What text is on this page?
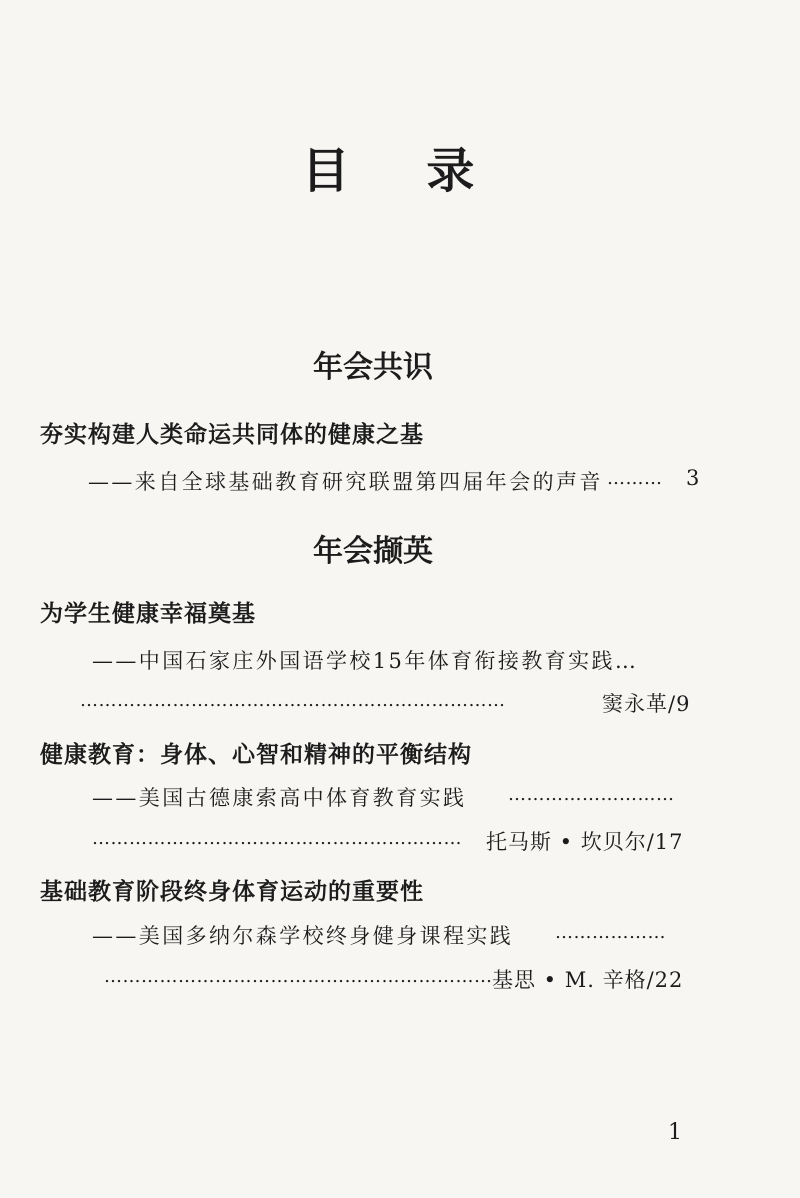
目 录
年会共识
夯实构建人类命运共同体的健康之基
——来自全球基础教育研究联盟第四届年会的声音 ……… 3
年会撷英
为学生健康幸福奠基
——中国石家庄外国语学校15年体育衔接教育实践…
……………………………………………………………	窦永革/9
健康教育：身体、心智和精神的平衡结构
——美国古德康索高中体育教育实践 ………………………
…………………………………………………… 托马斯 • 坎贝尔/17
基础教育阶段终身体育运动的重要性
——美国多纳尔森学校终身健身课程实践 ………………
……………………………………………………… 基思 • M. 辛格/22
1
